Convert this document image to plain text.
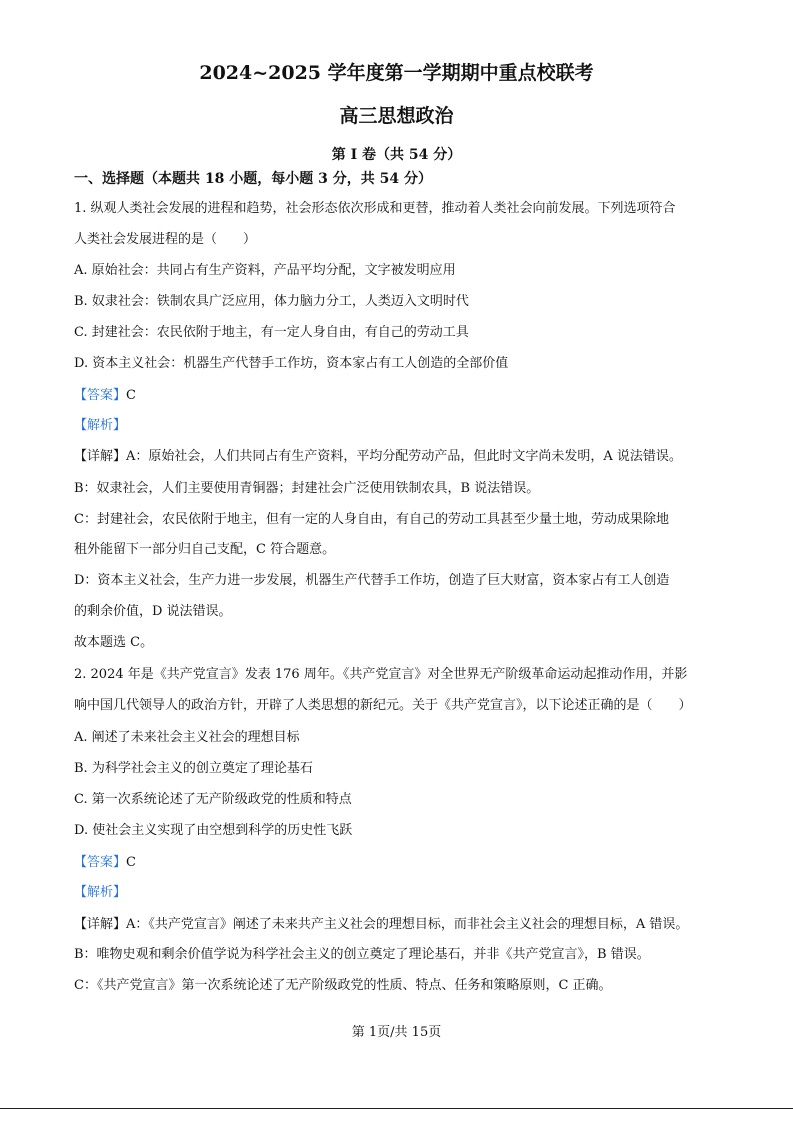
2024~2025 学年度第一学期期中重点校联考
高三思想政治
第 I 卷（共 54 分）
一、选择题（本题共 18 小题，每小题 3 分，共 54 分）
1. 纵观人类社会发展的进程和趋势，社会形态依次形成和更替，推动着人类社会向前发展。下列选项符合
人类社会发展进程的是（　　）
A. 原始社会：共同占有生产资料，产品平均分配，文字被发明应用
B. 奴隶社会：铁制农具广泛应用，体力脑力分工，人类迈入文明时代
C. 封建社会：农民依附于地主，有一定人身自由，有自己的劳动工具
D. 资本主义社会：机器生产代替手工作坊，资本家占有工人创造的全部价值
【答案】C
【解析】
【详解】A：原始社会，人们共同占有生产资料，平均分配劳动产品，但此时文字尚未发明，A 说法错误。
B：奴隶社会，人们主要使用青铜器；封建社会广泛使用铁制农具，B 说法错误。
C：封建社会，农民依附于地主，但有一定的人身自由，有自己的劳动工具甚至少量土地，劳动成果除地
租外能留下一部分归自己支配，C 符合题意。
D：资本主义社会，生产力进一步发展，机器生产代替手工作坊，创造了巨大财富，资本家占有工人创造
的剩余价值，D 说法错误。
故本题选 C。
2. 2024 年是《共产党宣言》发表 176 周年。《共产党宣言》对全世界无产阶级革命运动起推动作用，并影
响中国几代领导人的政治方针，开辟了人类思想的新纪元。关于《共产党宣言》，以下论述正确的是（　　）
A. 阐述了未来社会主义社会的理想目标
B. 为科学社会主义的创立奠定了理论基石
C. 第一次系统论述了无产阶级政党的性质和特点
D. 使社会主义实现了由空想到科学的历史性飞跃
【答案】C
【解析】
【详解】A：《共产党宣言》阐述了未来共产主义社会的理想目标，而非社会主义社会的理想目标，A 错误。
B：唯物史观和剩余价值学说为科学社会主义的创立奠定了理论基石，并非《共产党宣言》，B 错误。
C：《共产党宣言》第一次系统论述了无产阶级政党的性质、特点、任务和策略原则，C 正确。
第 1页/共 15页
